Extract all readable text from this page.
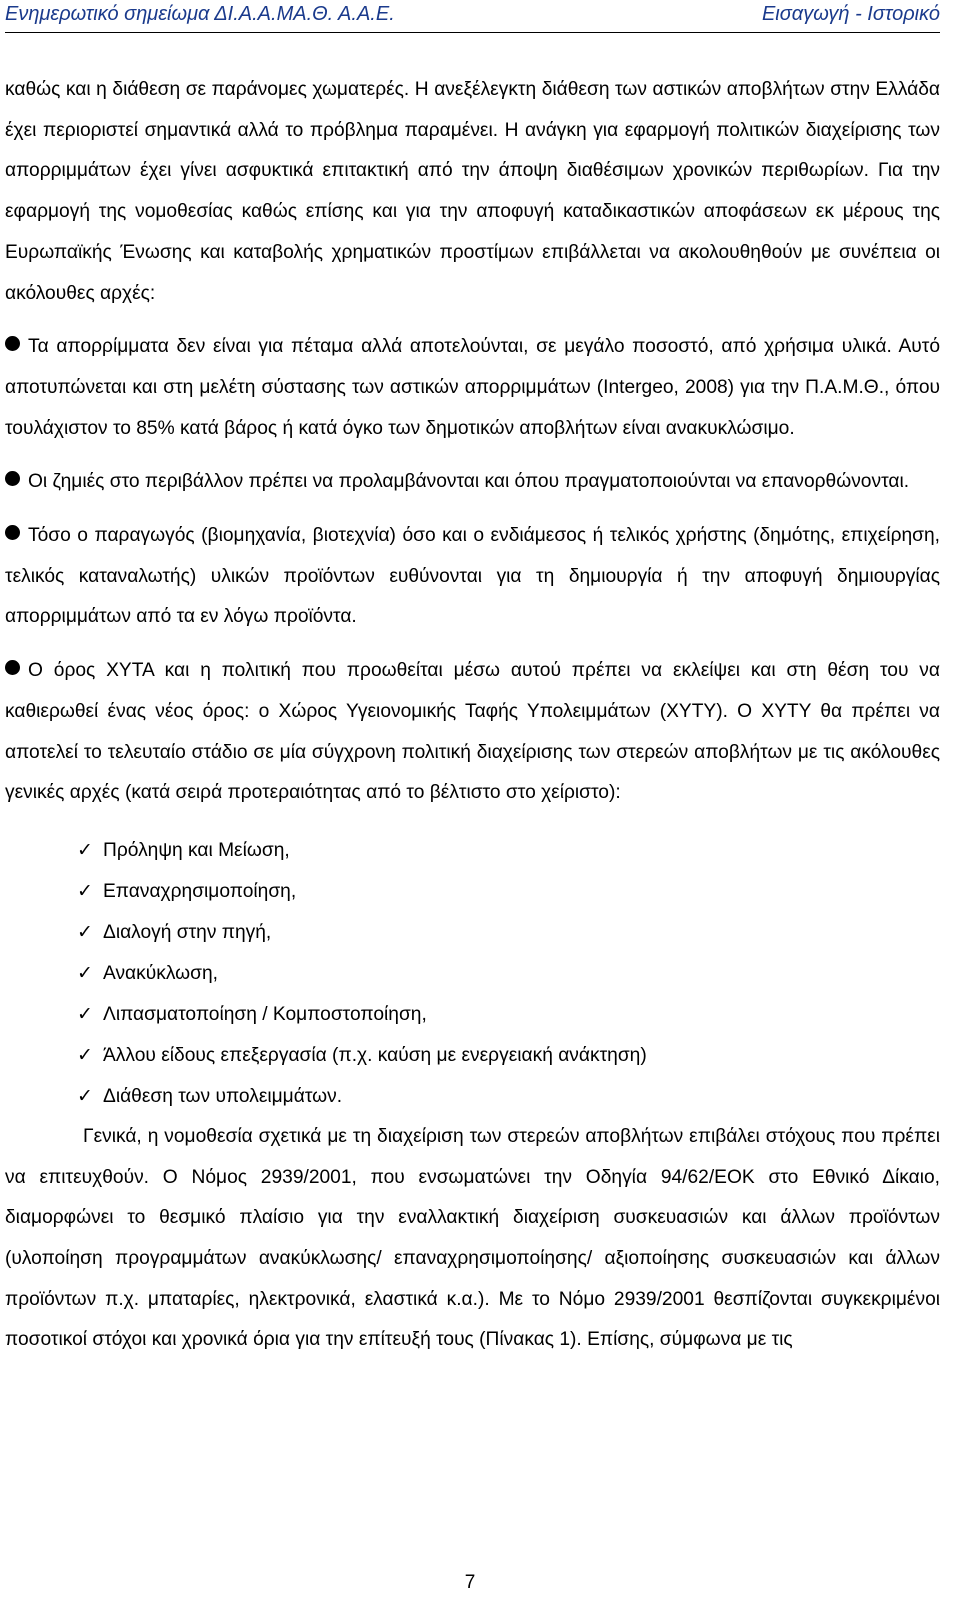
Ενημερωτικό σημείωμα ΔΙ.Α.Α.ΜΑ.Θ. Α.Α.Ε.	Εισαγωγή - Ιστορικό

καθώς και η διάθεση σε παράνομες χωματερές. Η ανεξέλεγκτη διάθεση των αστικών αποβλήτων στην Ελλάδα έχει περιοριστεί σημαντικά αλλά το πρόβλημα παραμένει. Η ανάγκη για εφαρμογή πολιτικών διαχείρισης των απορριμμάτων έχει γίνει ασφυκτικά επιτακτική από την άποψη διαθέσιμων χρονικών περιθωρίων. Για την εφαρμογή της νομοθεσίας καθώς επίσης και για την αποφυγή καταδικαστικών αποφάσεων εκ μέρους της Ευρωπαϊκής Ένωσης και καταβολής χρηματικών προστίμων επιβάλλεται να ακολουθηθούν με συνέπεια οι ακόλουθες αρχές:

Τα απορρίμματα δεν είναι για πέταμα αλλά αποτελούνται, σε μεγάλο ποσοστό, από χρήσιμα υλικά. Αυτό αποτυπώνεται και στη μελέτη σύστασης των αστικών απορριμμάτων (Intergeo, 2008) για την Π.Α.Μ.Θ., όπου τουλάχιστον το 85% κατά βάρος ή κατά όγκο των δημοτικών αποβλήτων είναι ανακυκλώσιμο.

Οι ζημιές στο περιβάλλον πρέπει να προλαμβάνονται και όπου πραγματοποιούνται να επανορθώνονται.

Τόσο ο παραγωγός (βιομηχανία, βιοτεχνία) όσο και ο ενδιάμεσος ή τελικός χρήστης (δημότης, επιχείρηση, τελικός καταναλωτής) υλικών προϊόντων ευθύνονται για τη δημιουργία ή την αποφυγή δημιουργίας απορριμμάτων από τα εν λόγω προϊόντα.

Ο όρος ΧΥΤΑ και η πολιτική που προωθείται μέσω αυτού πρέπει να εκλείψει και στη θέση του να καθιερωθεί ένας νέος όρος: ο Χώρος Υγειονομικής Ταφής Υπολειμμάτων (ΧΥΤΥ). Ο ΧΥΤΥ θα πρέπει να αποτελεί το τελευταίο στάδιο σε μία σύγχρονη πολιτική διαχείρισης των στερεών αποβλήτων με τις ακόλουθες γενικές αρχές (κατά σειρά προτεραιότητας από το βέλτιστο στο χείριστο):

✓ Πρόληψη και Μείωση,
✓ Επαναχρησιμοποίηση,
✓ Διαλογή στην πηγή,
✓ Ανακύκλωση,
✓ Λιπασματοποίηση / Κομποστοποίηση,
✓ Άλλου είδους επεξεργασία (π.χ. καύση με ενεργειακή ανάκτηση)
✓ Διάθεση των υπολειμμάτων.

Γενικά, η νομοθεσία σχετικά με τη διαχείριση των στερεών αποβλήτων επιβάλει στόχους που πρέπει να επιτευχθούν. Ο Νόμος 2939/2001, που ενσωματώνει την Οδηγία 94/62/ΕΟΚ στο Εθνικό Δίκαιο, διαμορφώνει το θεσμικό πλαίσιο για την εναλλακτική διαχείριση συσκευασιών και άλλων προϊόντων (υλοποίηση προγραμμάτων ανακύκλωσης/ επαναχρησιμοποίησης/ αξιοποίησης συσκευασιών και άλλων προϊόντων π.χ. μπαταρίες, ηλεκτρονικά, ελαστικά κ.α.). Με το Νόμο 2939/2001 θεσπίζονται συγκεκριμένοι ποσοτικοί στόχοι και χρονικά όρια για την επίτευξή τους (Πίνακας 1). Επίσης, σύμφωνα με τις

7
